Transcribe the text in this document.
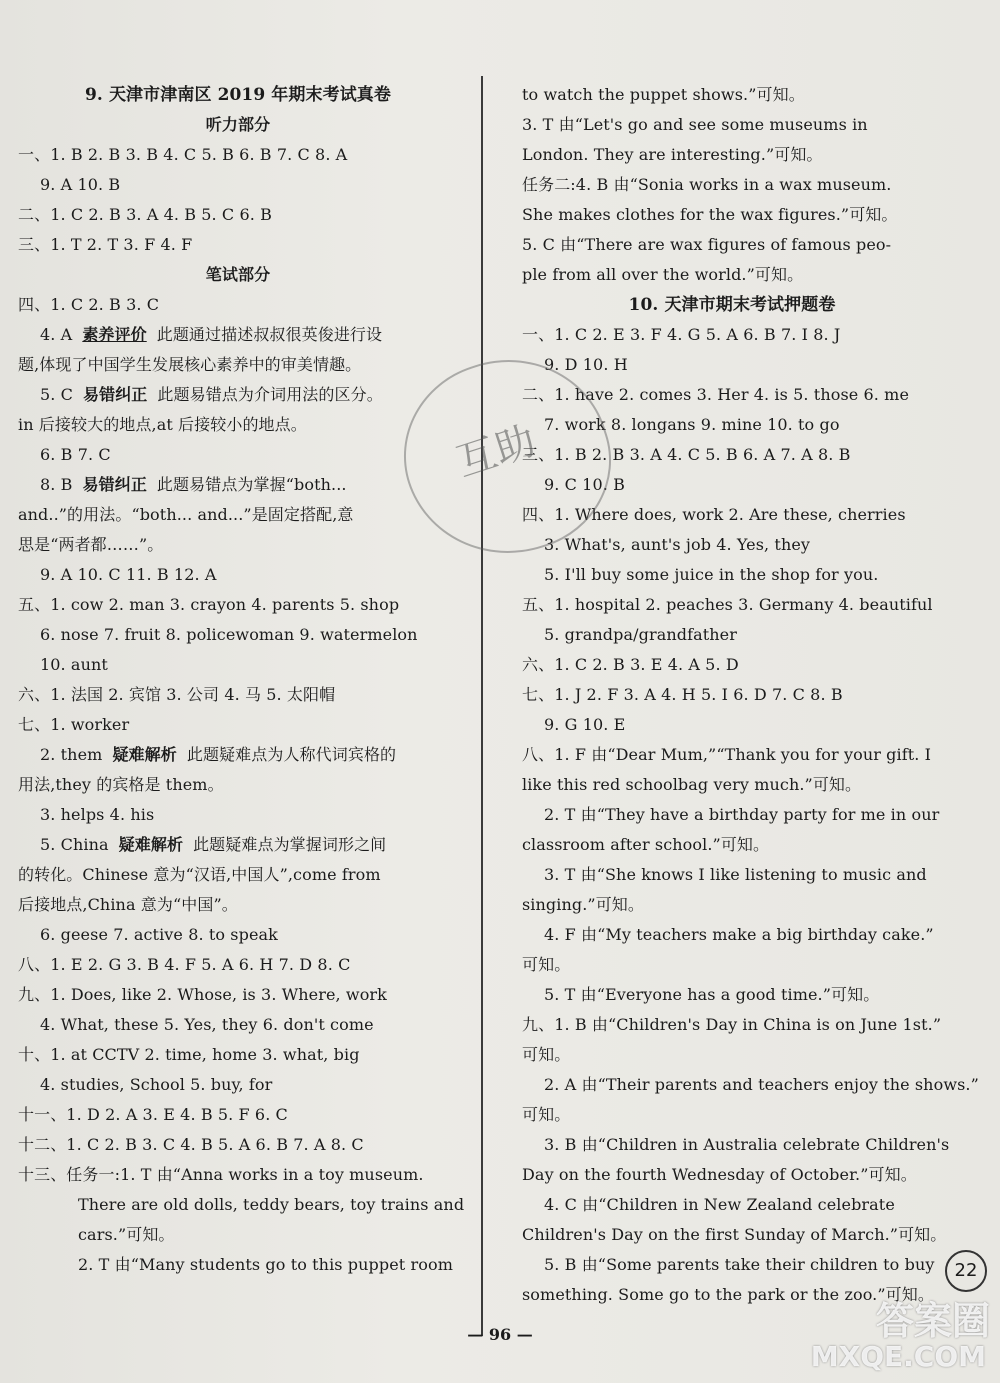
9. 天津市津南区 2019 年期末考试真卷
听力部分
一、1. B 2. B 3. B 4. C 5. B 6. B 7. C 8. A
9. A 10. B
二、1. C 2. B 3. A 4. B 5. C 6. B
三、1. T 2. T 3. F 4. F
笔试部分
四、1. C 2. B 3. C
4. A 素养评价 此题通过描述叔叔很英俊进行设
题,体现了中国学生发展核心素养中的审美情趣。
5. C 易错纠正 此题易错点为介词用法的区分。
in 后接较大的地点,at 后接较小的地点。
6. B 7. C
8. B 易错纠正 此题易错点为掌握“both...
and..”的用法。“both... and...”是固定搭配,意
思是“两者都……”。
9. A 10. C 11. B 12. A
五、1. cow 2. man 3. crayon 4. parents 5. shop
6. nose 7. fruit 8. policewoman 9. watermelon
10. aunt
六、1. 法国 2. 宾馆 3. 公司 4. 马 5. 太阳帽
七、1. worker
2. them 疑难解析 此题疑难点为人称代词宾格的
用法,they 的宾格是 them。
3. helps 4. his
5. China 疑难解析 此题疑难点为掌握词形之间
的转化。Chinese 意为“汉语,中国人”,come from
后接地点,China 意为“中国”。
6. geese 7. active 8. to speak
八、1. E 2. G 3. B 4. F 5. A 6. H 7. D 8. C
九、1. Does, like 2. Whose, is 3. Where, work
4. What, these 5. Yes, they 6. don't come
十、1. at CCTV 2. time, home 3. what, big
4. studies, School 5. buy, for
十一、1. D 2. A 3. E 4. B 5. F 6. C
十二、1. C 2. B 3. C 4. B 5. A 6. B 7. A 8. C
十三、任务一:1. T 由“Anna works in a toy museum.
There are old dolls, teddy bears, toy trains and
cars.”可知。
2. T 由“Many students go to this puppet room
to watch the puppet shows.”可知。
3. T 由“Let's go and see some museums in
London. They are interesting.”可知。
任务二:4. B 由“Sonia works in a wax museum.
She makes clothes for the wax figures.”可知。
5. C 由“There are wax figures of famous peo-
ple from all over the world.”可知。
10. 天津市期末考试押题卷
一、1. C 2. E 3. F 4. G 5. A 6. B 7. I 8. J
9. D 10. H
二、1. have 2. comes 3. Her 4. is 5. those 6. me
7. work 8. longans 9. mine 10. to go
三、1. B 2. B 3. A 4. C 5. B 6. A 7. A 8. B
9. C 10. B
四、1. Where does, work 2. Are these, cherries
3. What's, aunt's job 4. Yes, they
5. I'll buy some juice in the shop for you.
五、1. hospital 2. peaches 3. Germany 4. beautiful
5. grandpa/grandfather
六、1. C 2. B 3. E 4. A 5. D
七、1. J 2. F 3. A 4. H 5. I 6. D 7. C 8. B
9. G 10. E
八、1. F 由“Dear Mum,”“Thank you for your gift. I
like this red schoolbag very much.”可知。
2. T 由“They have a birthday party for me in our
classroom after school.”可知。
3. T 由“She knows I like listening to music and
singing.”可知。
4. F 由“My teachers make a big birthday cake.”
可知。
5. T 由“Everyone has a good time.”可知。
九、1. B 由“Children's Day in China is on June 1st.”
可知。
2. A 由“Their parents and teachers enjoy the shows.”
可知。
3. B 由“Children in Australia celebrate Children's
Day on the fourth Wednesday of October.”可知。
4. C 由“Children in New Zealand celebrate
Children's Day on the first Sunday of March.”可知。
5. B 由“Some parents take their children to buy
something. Some go to the park or the zoo.”可知。
互助
22
— 96 —	答案圈
MXQE.COM
